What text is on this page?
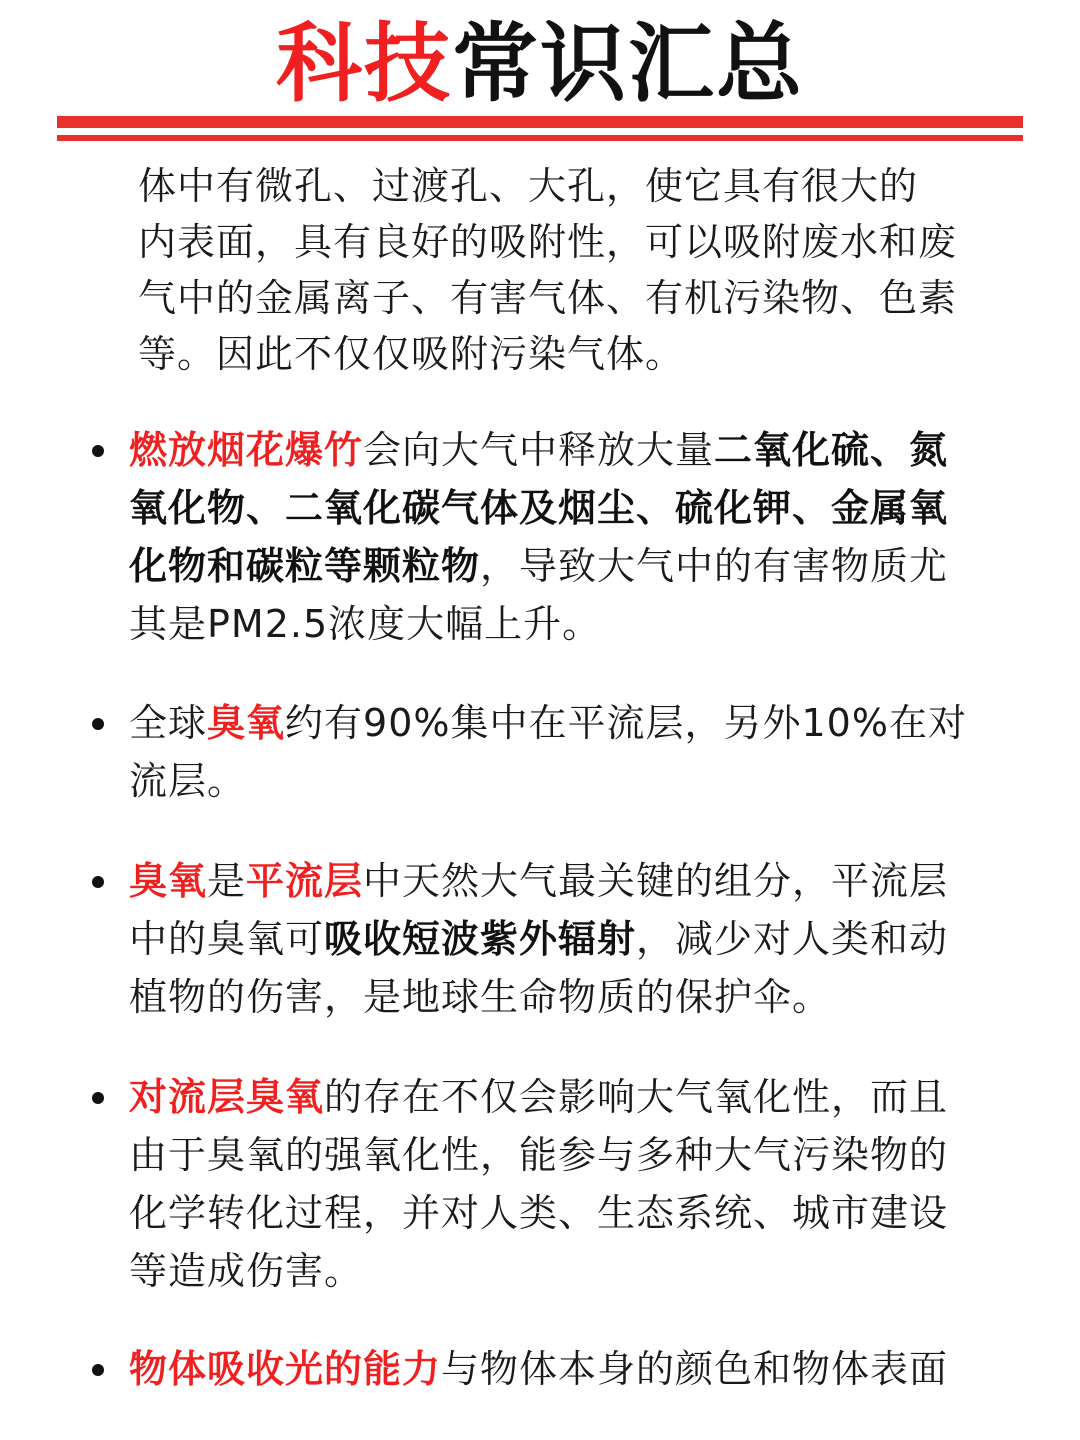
科技常识汇总
体中有微孔、过渡孔、大孔，使它具有很大的
内表面，具有良好的吸附性，可以吸附废水和废
气中的金属离子、有害气体、有机污染物、色素
等。因此不仅仅吸附污染气体。
燃放烟花爆竹会向大气中释放大量二氧化硫、氮
氧化物、二氧化碳气体及烟尘、硫化钾、金属氧
化物和碳粒等颗粒物，导致大气中的有害物质尤
其是PM2.5浓度大幅上升。
全球臭氧约有90%集中在平流层，另外10%在对
流层。
臭氧是平流层中天然大气最关键的组分，平流层
中的臭氧可吸收短波紫外辐射，减少对人类和动
植物的伤害，是地球生命物质的保护伞。
对流层臭氧的存在不仅会影响大气氧化性，而且
由于臭氧的强氧化性，能参与多种大气污染物的
化学转化过程，并对人类、生态系统、城市建设
等造成伤害。
物体吸收光的能力与物体本身的颜色和物体表面
